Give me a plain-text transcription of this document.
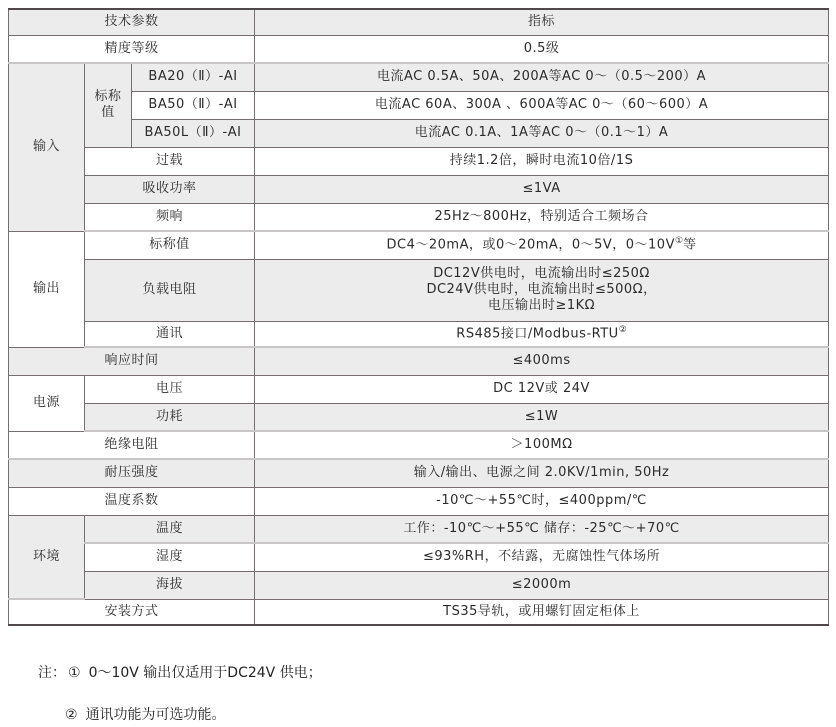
技术参数			指标
精度等级			0.5级
输入	标称值	BA20（Ⅱ）-AI	电流AC 0.5A、50A、200A等AC 0～（0.5～200）A
		BA50（Ⅱ）-AI	电流AC 60A、300A 、600A等AC 0～（60～600）A
		BA50L（Ⅱ）-AI	电流AC 0.1A、1A等AC 0～（0.1～1）A
	过载		持续1.2倍，瞬时电流10倍/1S
	吸收功率		≤1VA
	频响		25Hz～800Hz，特别适合工频场合
输出	标称值		DC4～20mA，或0～20mA，0～5V，0～10V①等
	负载电阻		DC12V供电时，电流输出时≤250Ω
DC24V供电时，电流输出时≤500Ω，
电压输出时≥1KΩ

	通讯		RS485接口/Modbus-RTU②
响应时间			≤400ms
电源	电压		DC 12V或 24V
	功耗		≤1W
绝缘电阻			＞100MΩ
耐压强度			输入/输出、电源之间 2.0KV/1min, 50Hz
温度系数			-10℃～+55℃时，≤400ppm/℃
环境	温度		工作：-10℃～+55℃ 储存：-25℃～+70℃
	湿度		≤93%RH，不结露，无腐蚀性气体场所
	海拔		≤2000m
安装方式			TS35导轨，或用螺钉固定柜体上
注： ① 0～10V 输出仅适用于DC24V 供电；
② 通讯功能为可选功能。
